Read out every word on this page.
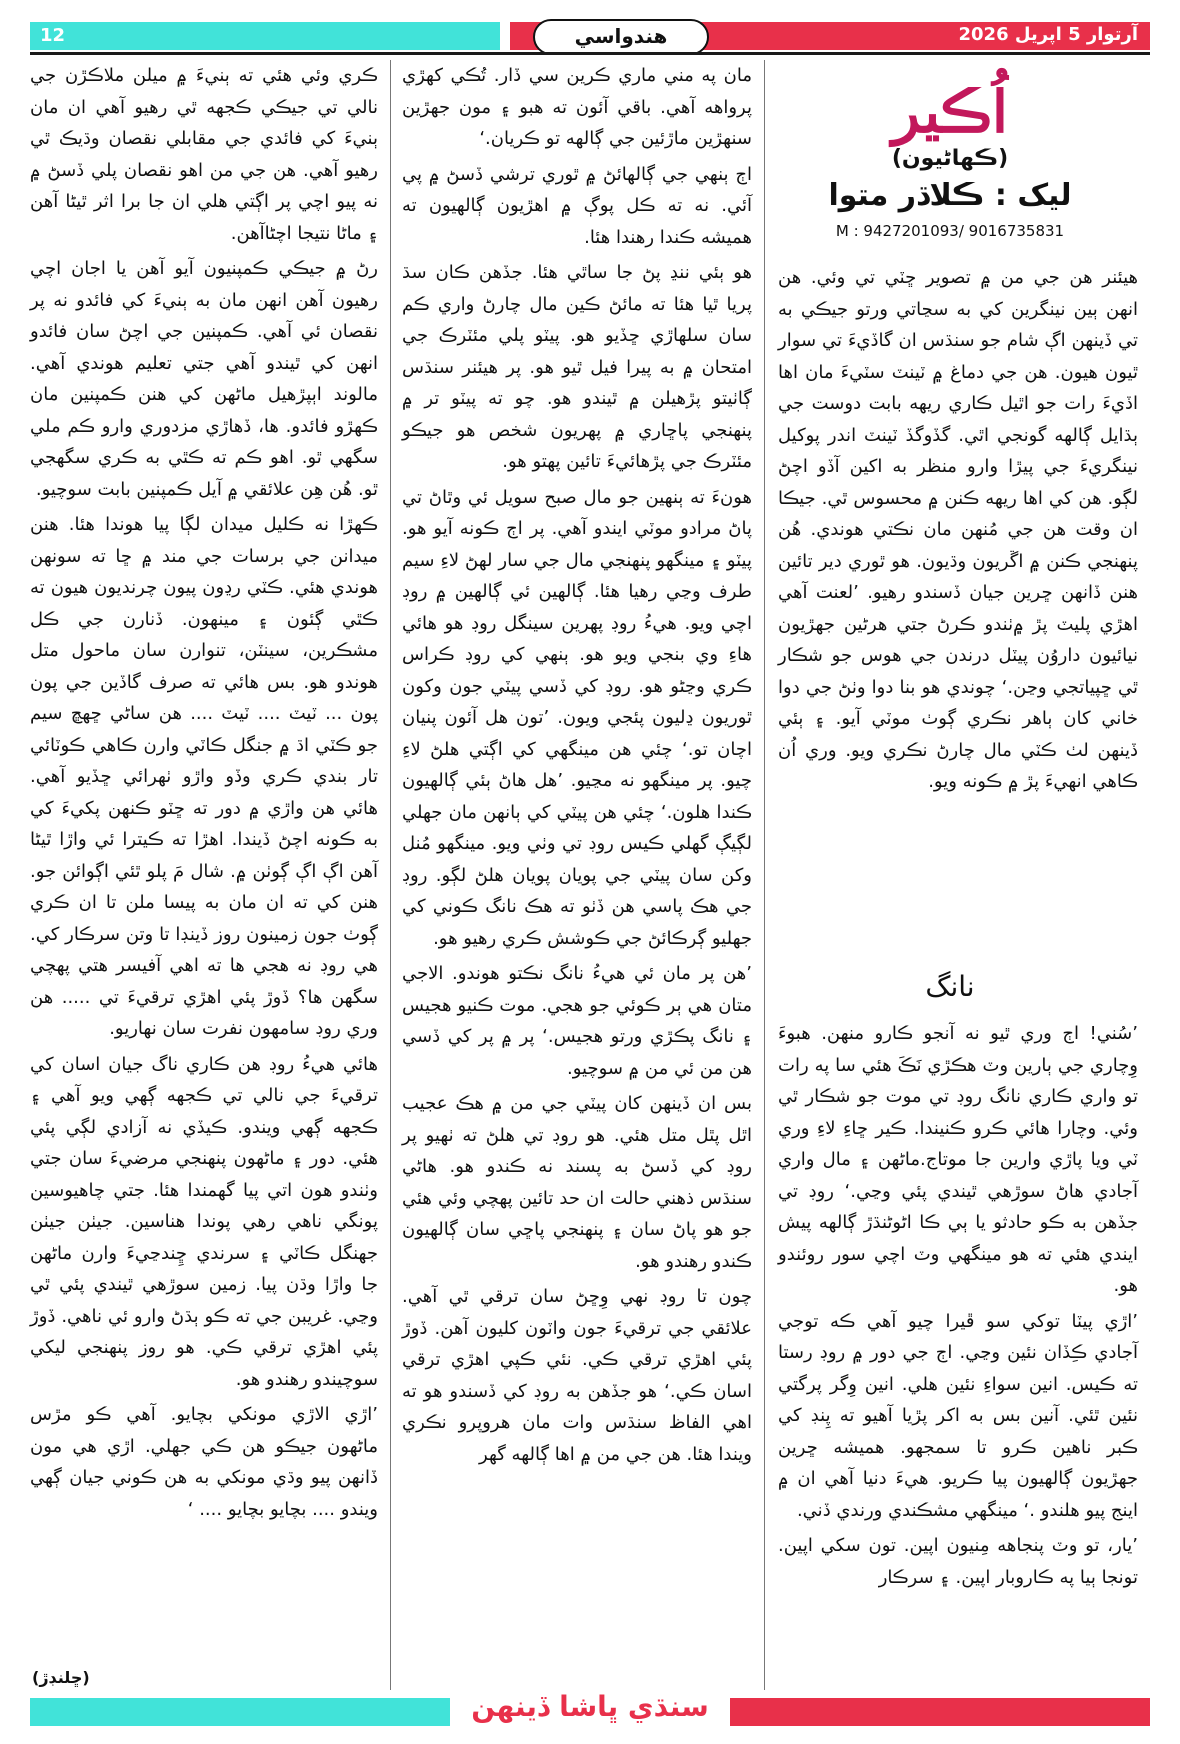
12	هندواسي	آرتوار 5 اپريل 2026
اُڪير
(ڪهاڻيون)
ليک : ڪلاڌر متوا
M : 9427201093/ 9016735831

هيئنر هن جي من ۾ تصوير ڇٽي تي وئي. هن انهن ٻين نينگرين کي به سڃاتي ورتو جيڪي به تي ڏينهن اڳ شام جو سنڌس ان گاڏيءَ تي سوار ٿيون هيون. هن جي دماغ ۾ ٽينٽ سٽيءَ مان اها اڏيءَ رات جو اٿيل ڪاري ريهه بابت دوست جي ٻڌايل ڳالهه گونجي اٿي. گڏوگڏ ٽينٽ اندر پوکيل نينگريءَ جي پيڙا وارو منظر به اکين آڏو اچڻ لڳو. هن کي اها ريهه ڪنن ۾ محسوس ٿي. جيڪا ان وقت هن جي مُنهن مان نڪتي هوندي. هُن پنهنجي ڪنن ۾ اڱريون وڌيون. هو ٿوري دير تائين هنن ڏانهن ڇرين جيان ڏسندو رهيو. ’لعنت آهي اهڙي پليٽ پڙ ۾ٺندو ڪرڻ جتي هرڻين جهڙيون نيائيون داروُن پيٽل درندن جي هوس جو شڪار ٿي ڇپياتجي وڃن.‘ چوندي هو بنا دوا وٺڻ جي دوا خاني کان ٻاهر نڪري ڳوٺ موٽي آيو. ۽ ٻئي ڏينهن لٺ ڪٽي مال چارڻ نڪري ويو. وري اُن ڪاهي انهيءَ پڙ ۾ ڪونه ويو.

نانگ

’سُني! اڄ وري ٿيو نه آنجو ڪارو منهن. هبوءَ وِچاري جي ٻارين وٽ هڪڙي نَڪَ هئي سا په رات تو واري ڪاري نانگ روڊ تي موت جو شڪار ٿي وئي. وچارا هائي ڪرو ڪنيندا. ڪير ڇاءِ لاءِ وري ٽي ويا پاڙي وارين جا موتاج.ماڻهن ۽ مال واري آجادي هاڻ سوڙهي ٿيندي پئي وڃي.‘ روڊ تي جڏهن به ڪو حادثو يا ٻي ڪا اڻوڻنڌڙ ڳالهه پيش ايندي هئي ته هو مينگهي وٽ اچي سور روئندو هو.

’اڙي پيٽا توکي سو ڦيرا چيو آهي ڪه توجي آجادي ڪِڏان نئين وڃي. اڄ جي دور ۾ روڊ رستا ته ڪيس. انين سواءِ نئين هلي. انين وِگر پرگتي نئين ٿئي. آنين بس به اکر پڙيا آهيو ته پِنڊ کي ڪبر ناهين ڪرو تا سمجهو. هميشه ڇرين جهڙيون ڳالهيون پيا ڪريو. هيءَ دنيا آهي ان ۾ اينج پيو هلندو .‘ مينگهي مشڪندي ورندي ڏني.

’يار، تو وٽ پنجاهه مِنيون اپين. تون سکي اپين. تونجا ٻيا په ڪاروبار اپين. ۽ سرڪار

مان په مني ماري ڪرين سي ڏار. تُڪي کهڙي پرواهه آهي. باقي آئون ته هبو ۽ مون جهڙين سنهڙين ماڙئين جي ڳالهه تو ڪريان.‘

اڄ ٻنهي جي ڳالهائڻ ۾ ٿوري ترشي ڏسڻ ۾ پي آئي. نه ته ڪل پوڳ ۾ اهڙيون ڳالهيون ته هميشه ڪندا رهندا هئا.

هو ٻئي ننڍ پڻ جا ساٿي هئا. جڏهن ڪان سڌ پريا ٿيا هئا ته مائڻ ڪين مال چارڻ واري ڪم سان سلهاڙي ڇڏيو هو. پيٽو پلي مئٽرڪ جي امتحان ۾ به پيرا فيل ٿيو هو. پر هيئنر سنڌس ڳاٺيتو پڙهيلن ۾ ٿيندو هو. چو ته پيٽو تر ۾ پنهنجي پاڇاري ۾ پهريون شخص هو جيڪو مئٽرڪ جي پڙهائيءَ تائين پهتو هو.

هونءَ ته ٻنهين جو مال صبح سويل ئي وٿاڻ تي پاڻ مرادو موٽي ايندو آهي. پر اڄ ڪونه آيو هو. پيٽو ۽ مينگهو پنهنجي مال جي سار لهڻ لاءِ سيم طرف وڃي رهيا هئا. ڳالهين ئي ڳالهين ۾ روڊ اچي ويو. هيءُ روڊ پهرين سينگل روڊ هو هائي هاءِ وي بنجي ويو هو. ٻنهي کي روڊ ڪراس ڪري وڃڻو هو. روڊ کي ڏسي پيٽي جون وکون ٿوريون ڍليون پئجي ويون. ’تون هل آئون پنيان اچان تو.‘ چئي هن مينگهي کي اڳتي هلڻ لاءِ چيو. پر مينگهو نه مڃيو. ’هل هاڻ ٻئي ڳالهيون ڪندا هلون.‘ چئي هن پيٽي کي ٻانهن مان جهلي لڳيڳ گهلي ڪيس روڊ تي وٺي ويو. مينگهو مُنل وکن سان پيٽي جي پويان پويان هلڻ لڳو. روڊ جي هڪ پاسي هن ڏٺو ته هڪ نانگ ڪوني کي جهليو ڳرڪائڻ جي ڪوشش ڪري رهيو هو.

’هن پر مان ئي هيءُ نانگ نڪتو هوندو. الاجي متان هي ٻر ڪوئي جو هجي. موت ڪنيو هجيس ۽ نانگ پڪڙي ورتو هجيس.‘ پر ۾ پر کي ڏسي هن من ئي من ۾ سوچيو.

بس ان ڏينهن کان پيٽي جي من ۾ هڪ عجيب اٿل پٿل متل هئي. هو روڊ تي هلڻ ته ٺهيو پر روڊ کي ڏسڻ به پسند نه ڪندو هو. هاڻي سنڌس ذهني حالت ان حد تائين پهچي وئي هئي جو هو پاڻ سان ۽ پنهنجي پاڇي سان ڳالهيون ڪندو رهندو هو.

چون تا روڊ نهي وِڇڻ سان ترقي ٿي آهي. علائقي جي ترقيءَ جون واٽون کليون آهن. ڏوڙ پئي اهڙي ترقي ڪي. نئي ڪپي اهڙي ترقي اسان ڪي.‘ هو جڏهن به روڊ کي ڏسندو هو ته اهي الفاظ سنڌس وات مان هروپرو نڪري ويندا هئا. هن جي من ۾ اها ڳالهه گهر

ڪري وئي هئي ته ٻنيءَ ۾ ميلن ملاڪڙن جي نالي تي جيڪي ڪجهه ٿي رهيو آهي ان مان ٻنيءَ کي فائدي جي مقابلي نقصان وڌيڪ ٿي رهيو آهي. هن جي من اهو نقصان پلي ڏسڻ ۾ نه پيو اچي پر اڳتي هلي ان جا برا اثر ٿيڻا آهن ۽ ماڻا نتيجا اچڻاآهن.

رڻ ۾ جيڪي ڪمپنيون آيو آهن يا اجان اچي رهيون آهن انهن مان به ٻنيءَ کي فائدو نه پر نقصان ئي آهي. ڪمپنين جي اچڻ سان فائدو انهن کي ٿيندو آهي جتي تعليم هوندي آهي. مالوند اٻپڙهيل ماڻهن کي هنن ڪمپنين مان ڪهڙو فائدو. ها، ڏهاڙي مزدوري وارو ڪم ملي سگهي ٿو. اهو ڪم ته ڪٿي به ڪري سگهجي ٿو. هُن هِن علائقي ۾ آيل ڪمپنين بابت سوچيو.

ڪهڙا نه ڪليل ميدان لڳا پيا هوندا هئا. هنن ميدانن جي برسات جي مند ۾ ڇا ته سونهن هوندي هئي. ڪٽي رڍون پيون چرنديون هيون ته ڪٿي ڳئون ۽ مينهون. ڏنارن جي ڪل مشڪرين، سينٽن، تنوارن سان ماحول متل هوندو هو. بس هائي ته صرف گاڏين جي پون پون ... ٽيٽ .... ٽيٽ .... هن ساڻي ڇهڇ سيم جو ڪٽي اڌ ۾ جنگل ڪاٽي وارن ڪاهي ڪوٽائي تار بندي ڪري وڏو واڙو ٺهرائي ڇڏيو آهي. هائي هن واڙي ۾ دور ته ڇٽو ڪنهن پکيءَ کي به ڪونه اچڻ ڏيندا. اهڙا ته ڪيترا ئي واڙا ٿيڻا آهن اڳ اڳ ڳوٺن ۾. شال مَ پلو ٿئي اڳوائن جو. هنن کي ته ان مان به پيسا ملن تا ان ڪري ڳوٺ جون زمينون روز ڏينڊا تا وتن سرڪار کي. هي روڊ نه هجي ها ته اهي آفيسر هتي پهچي سگهن ها؟ ڏوڙ پئي اهڙي ترقيءَ تي ..... هن وري روڊ سامهون نفرت سان نهاريو.

هائي هيءُ روڊ هن ڪاري ناگ جيان اسان کي ترقيءَ جي نالي تي ڪجهه ڳهي ويو آهي ۽ ڪجهه ڳهي ويندو. ڪيڏي نه آزادي لڳي پئي هئي. دور ۽ ماڻهون پنهنجي مرضيءَ سان جتي وٺندو هون اتي پيا گهمندا هئا. جتي چاهيوسين پونگي ناهي رهي پوندا هناسين. جيٺن جيٺن جهنگل ڪاٽي ۽ سرندي ڇِندڃيءَ وارن ماڻهن جا واڙا وڌن پيا. زمين سوڙهي ٿيندي پئي ٿي وڃي. غريبن جي ته ڪو ٻڌڻ وارو ئي ناهي. ڏوڙ پئي اهڙي ترقي ڪي. هو روز پنهنجي ليکي سوچيندو رهندو هو.

’اڙي الاڙي مونکي بچايو. آهي ڪو مڙس ماڻهون جيڪو هن ڪي جهلي. اڙي هي مون ڏانهن پيو وڌي مونکي به هن ڪوني جيان ڳهي ويندو .... بچايو بچايو .... ‘

(ڇلنڊڙ)
سنڌي ڀاشا ڏينهن
